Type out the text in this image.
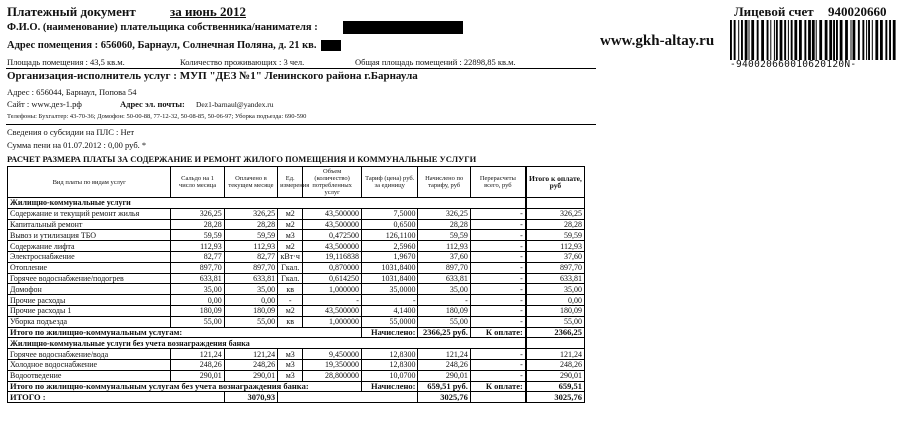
Платежный документ	за июнь 2012
Ф.И.О. (наименование) плательщика собственника/нанимателя :
Адрес помещения : 656060, Барнаул, Солнечная Поляна, д. 21 кв.
Площадь помещения : 43,5 кв.м.	Количество проживающих : 3 чел.	Общая площадь помещений : 22898,85 кв.м.
www.gkh-altay.ru
Лицевой счет 940020660
-940020660010620120N-
Организация-исполнитель услуг : МУП "ДЕЗ №1" Ленинского района г.Барнаула
Адрес : 656044, Барнаул, Попова 54
Сайт : www.дез-1.рф	Адрес эл. почты: Dez1-barnaul@yandex.ru
Телефоны: Бухгалтер: 43-70-36; Домофон: 50-00-88, 77-12-32, 50-08-85, 50-06-97; Уборка подъезда: 690-590
Сведения о субсидии на ПЛС : Нет
Сумма пени на 01.07.2012 : 0,00 руб. *
РАСЧЕТ РАЗМЕРА ПЛАТЫ ЗА СОДЕРЖАНИЕ И РЕМОНТ ЖИЛОГО ПОМЕЩЕНИЯ И КОММУНАЛЬНЫЕ УСЛУГИ
Вид платы по видам услуг	Сальдо на 1 число месяца	Оплачено в текущем месяце	Ед. измерения	Объем (количество) потребленных услуг	Тариф (цена) руб. за единицу	Начислено по тарифу, руб	Перерасчеты всего, руб	Итого к оплате, руб
Жилищно-коммунальные услуги								
Содержание и текущий ремонт жилья	326,25	326,25	м2	43,500000	7,5000	326,25	-	326,25
Капитальный ремонт	28,28	28,28	м2	43,500000	0,6500	28,28	-	28,28
Вывоз и утилизация ТБО	59,59	59,59	м3	0,472500	126,1100	59,59	-	59,59
Содержание лифта	112,93	112,93	м2	43,500000	2,5960	112,93	-	112,93
Электроснабжение	82,77	82,77	кВт·ч	19,116838	1,9670	37,60	-	37,60
Отопление	897,70	897,70	Гкал.	0,870000	1031,8400	897,70	-	897,70
Горячее водоснабжение/подогрев	633,81	633,81	Гкал.	0,614250	1031,8400	633,81	-	633,81
Домофон	35,00	35,00	кв	1,000000	35,0000	35,00	-	35,00
Прочие расходы	0,00	0,00	-	-	-	-	-	0,00
Прочие расходы 1	180,09	180,09	м2	43,500000	4,1400	180,09	-	180,09
Уборка подъезда	55,00	55,00	кв	1,000000	55,0000	55,00	-	55,00
Итого по жилищно-коммунальным услугам:					Начислено:	2366,25 руб.	К оплате:	2366,25
Жилищно-коммунальные услуги без учета вознаграждения банка								
Горячее водоснабжение/вода	121,24	121,24	м3	9,450000	12,8300	121,24	-	121,24
Холодное водоснабжение	248,26	248,26	м3	19,350000	12,8300	248,26	-	248,26
Водоотведение	290,01	290,01	м3	28,800000	10,0700	290,01	-	290,01
Итого по жилищно-коммунальным услугам без учета вознаграждения банка:					Начислено:	659,51 руб.	К оплате:	659,51
ИТОГО :		3070,93				3025,76		3025,76
